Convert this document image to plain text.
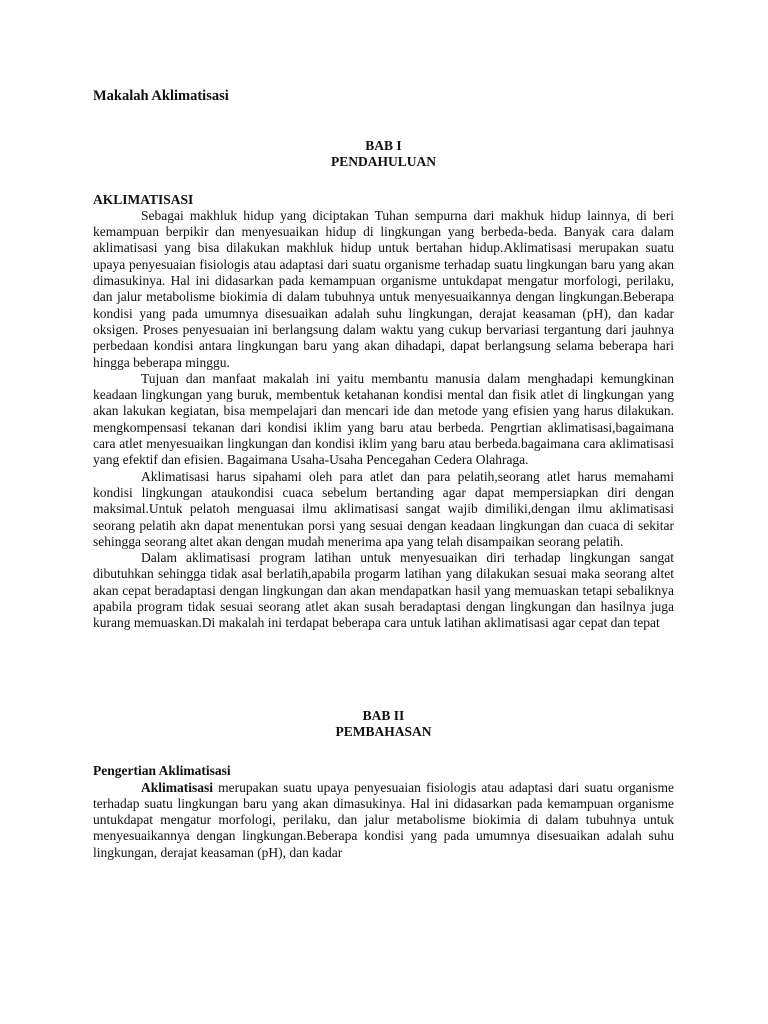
Makalah Aklimatisasi
BAB I
PENDAHULUAN
AKLIMATISASI

Sebagai makhluk hidup yang diciptakan Tuhan sempurna dari makhuk hidup lainnya, di beri kemampuan berpikir dan menyesuaikan hidup di lingkungan yang berbeda-beda. Banyak cara dalam aklimatisasi yang bisa dilakukan makhluk hidup untuk bertahan hidup.Aklimatisasi merupakan suatu upaya penyesuaian fisiologis atau adaptasi dari suatu organisme terhadap suatu lingkungan baru yang akan dimasukinya. Hal ini didasarkan pada kemampuan organisme untukdapat mengatur morfologi, perilaku, dan jalur metabolisme biokimia di dalam tubuhnya untuk menyesuaikannya dengan lingkungan.Beberapa kondisi yang pada umumnya disesuaikan adalah suhu lingkungan, derajat keasaman (pH), dan kadar oksigen. Proses penyesuaian ini berlangsung dalam waktu yang cukup bervariasi tergantung dari jauhnya perbedaan kondisi antara lingkungan baru yang akan dihadapi, dapat berlangsung selama beberapa hari hingga beberapa minggu.

Tujuan dan manfaat makalah ini yaitu membantu manusia dalam menghadapi kemungkinan keadaan lingkungan yang buruk, membentuk ketahanan kondisi mental dan fisik atlet di lingkungan yang akan lakukan kegiatan, bisa mempelajari dan mencari ide dan metode yang efisien yang harus dilakukan. mengkompensasi tekanan dari kondisi iklim yang baru atau berbeda. Pengrtian aklimatisasi,bagaimana cara atlet menyesuaikan lingkungan dan kondisi iklim yang baru atau berbeda.bagaimana cara aklimatisasi yang efektif dan efisien. Bagaimana Usaha-Usaha Pencegahan Cedera Olahraga.

Aklimatisasi harus sipahami oleh para atlet dan para pelatih,seorang atlet harus memahami kondisi lingkungan ataukondisi cuaca sebelum bertanding agar dapat mempersiapkan diri dengan maksimal.Untuk pelatoh menguasai ilmu aklimatisasi sangat wajib dimiliki,dengan ilmu aklimatisasi seorang pelatih akn dapat menentukan porsi yang sesuai dengan keadaan lingkungan dan cuaca di sekitar sehingga seorang altet akan dengan mudah menerima apa yang telah disampaikan seorang pelatih.

Dalam aklimatisasi program latihan untuk menyesuaikan diri terhadap lingkungan sangat dibutuhkan sehingga tidak asal berlatih,apabila progarm latihan yang dilakukan sesuai maka seorang altet akan cepat beradaptasi dengan lingkungan dan akan mendapatkan hasil yang memuaskan tetapi sebaliknya apabila program tidak sesuai seorang atlet akan susah beradaptasi dengan lingkungan dan hasilnya juga kurang memuaskan.Di makalah ini terdapat beberapa cara untuk latihan aklimatisasi agar cepat dan tepat

BAB II
PEMBAHASAN
Pengertian Aklimatisasi

Aklimatisasi merupakan suatu upaya penyesuaian fisiologis atau adaptasi dari suatu organisme terhadap suatu lingkungan baru yang akan dimasukinya. Hal ini didasarkan pada kemampuan organisme untukdapat mengatur morfologi, perilaku, dan jalur metabolisme biokimia di dalam tubuhnya untuk menyesuaikannya dengan lingkungan.Beberapa kondisi yang pada umumnya disesuaikan adalah suhu lingkungan, derajat keasaman (pH), dan kadar
